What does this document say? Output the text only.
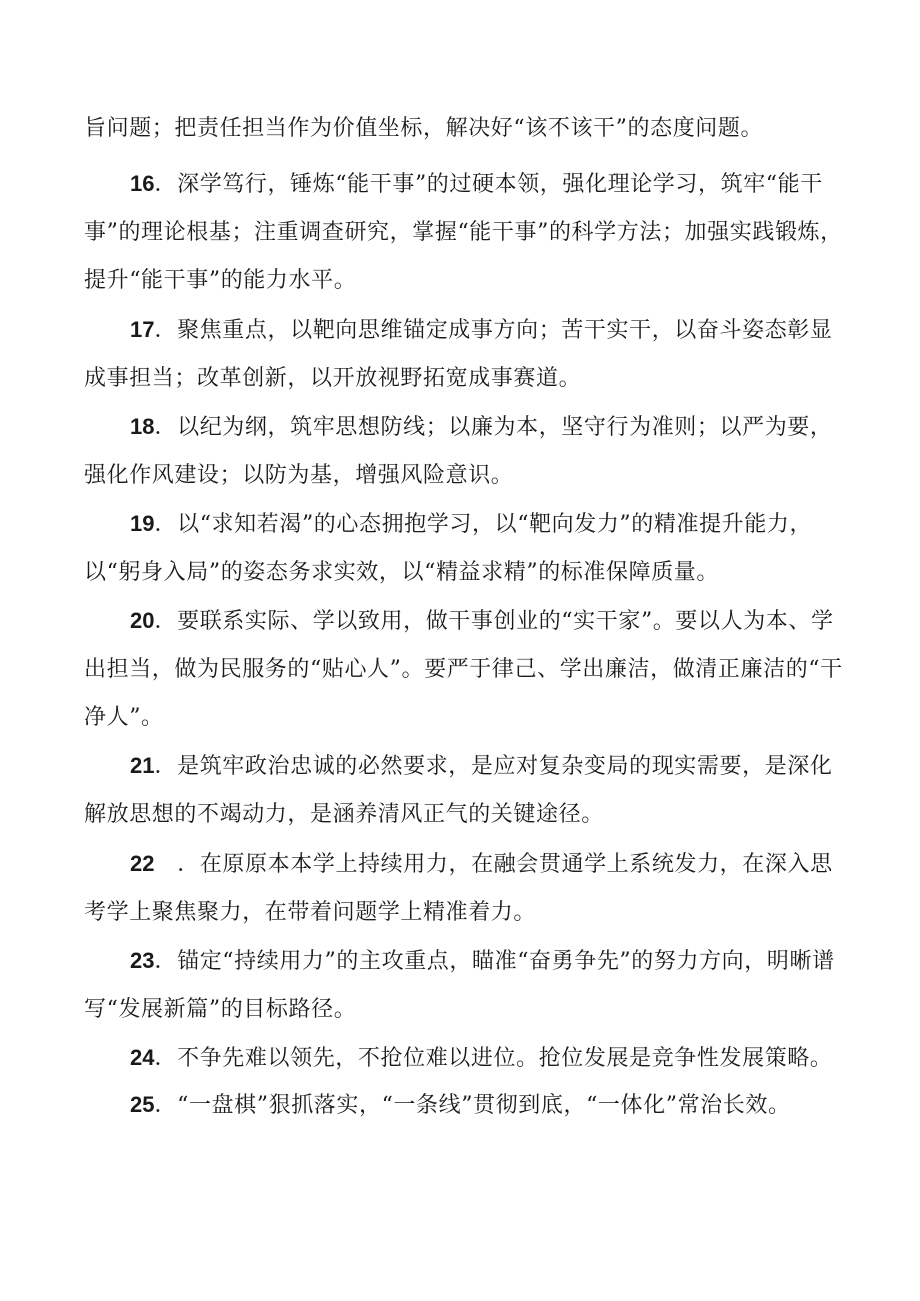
旨问题；把责任担当作为价值坐标，解决好“该不该干”的态度问题。

16．深学笃行，锤炼“能干事”的过硬本领，强化理论学习，筑牢“能干事”的理论根基；注重调查研究，掌握“能干事”的科学方法；加强实践锻炼，提升“能干事”的能力水平。

17．聚焦重点，以靶向思维锚定成事方向；苦干实干，以奋斗姿态彰显成事担当；改革创新，以开放视野拓宽成事赛道。

18．以纪为纲，筑牢思想防线；以廉为本，坚守行为准则；以严为要，强化作风建设；以防为基，增强风险意识。

19．以“求知若渴”的心态拥抱学习，以“靶向发力”的精准提升能力，以“躬身入局”的姿态务求实效，以“精益求精”的标准保障质量。

20．要联系实际、学以致用，做干事创业的“实干家”。要以人为本、学出担当，做为民服务的“贴心人”。要严于律己、学出廉洁，做清正廉洁的“干净人”。

21．是筑牢政治忠诚的必然要求，是应对复杂变局的现实需要，是深化解放思想的不竭动力，是涵养清风正气的关键途径。

22   ．在原原本本学上持续用力，在融会贯通学上系统发力，在深入思考学上聚焦聚力，在带着问题学上精准着力。

23．锚定“持续用力”的主攻重点，瞄准“奋勇争先”的努力方向，明晰谱写“发展新篇”的目标路径。

24．不争先难以领先，不抢位难以进位。抢位发展是竞争性发展策略。

25．“一盘棋”狠抓落实，“一条线”贯彻到底，“一体化”常治长效。
